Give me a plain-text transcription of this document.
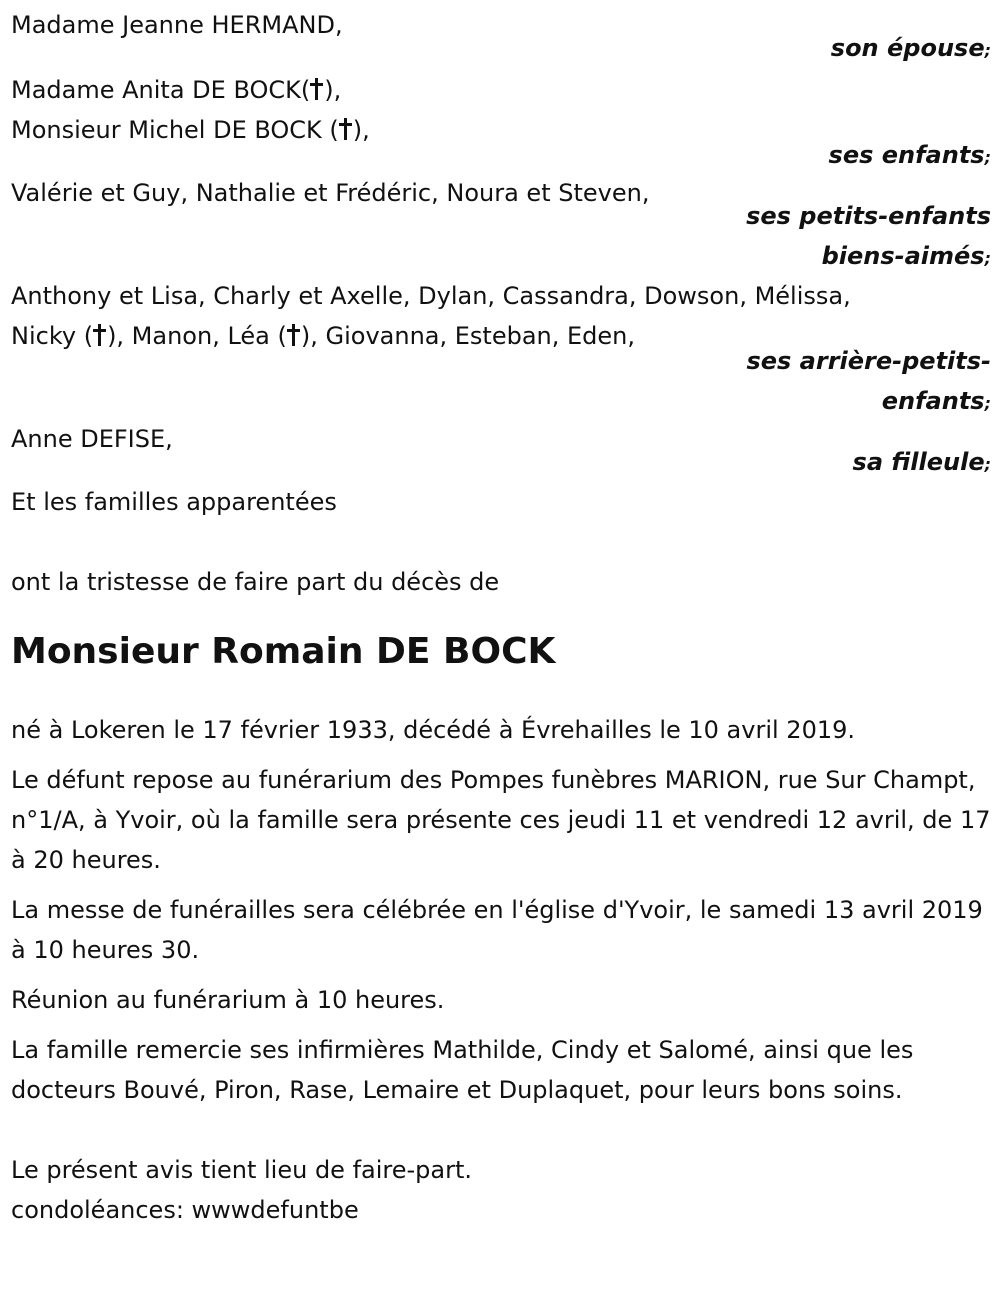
Madame Jeanne HERMAND,
son épouse;
Madame Anita DE BOCK( ),
Monsieur Michel DE BOCK ( ),
ses enfants;
Valérie et Guy, Nathalie et Frédéric, Noura et Steven,
ses petits-enfants
biens-aimés;
Anthony et Lisa, Charly et Axelle, Dylan, Cassandra, Dowson, Mélissa,
Nicky ( ), Manon, Léa ( ), Giovanna, Esteban, Eden,
ses arrière-petits-
enfants;
Anne DEFISE,
sa filleule;
Et les familles apparentées
ont la tristesse de faire part du décès de
Monsieur Romain DE BOCK

né à Lokeren le 17 février 1933, décédé à Évrehailles le 10 avril 2019.

Le défunt repose au funérarium des Pompes funèbres MARION, rue Sur Champt, n°1/A, à Yvoir, où la famille sera présente ces jeudi 11 et vendredi 12 avril, de 17 à 20 heures.

La messe de funérailles sera célébrée en l'église d'Yvoir, le samedi 13 avril 2019 à 10 heures 30.

Réunion au funérarium à 10 heures.

La famille remercie ses infirmières Mathilde, Cindy et Salomé, ainsi que les docteurs Bouvé, Piron, Rase, Lemaire et Duplaquet, pour leurs bons soins.

Le présent avis tient lieu de faire-part.
condoléances: wwwdefuntbe
